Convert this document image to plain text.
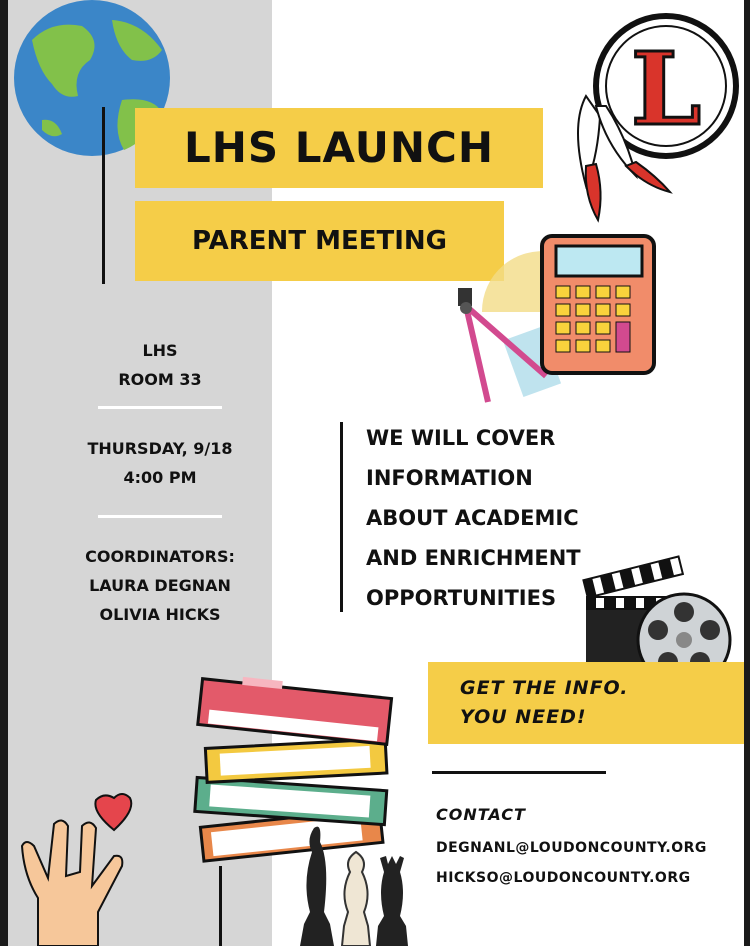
LHS LAUNCH
PARENT MEETING
L
LHS
ROOM 33
THURSDAY, 9/18
4:00 PM
COORDINATORS:
LAURA DEGNAN
OLIVIA HICKS
WE WILL COVER
INFORMATION
ABOUT ACADEMIC
AND ENRICHMENT
OPPORTUNITIES
GET THE INFO.
YOU NEED!
CONTACT
DEGNANL@LOUDONCOUNTY.ORG
HICKSO@LOUDONCOUNTY.ORG
